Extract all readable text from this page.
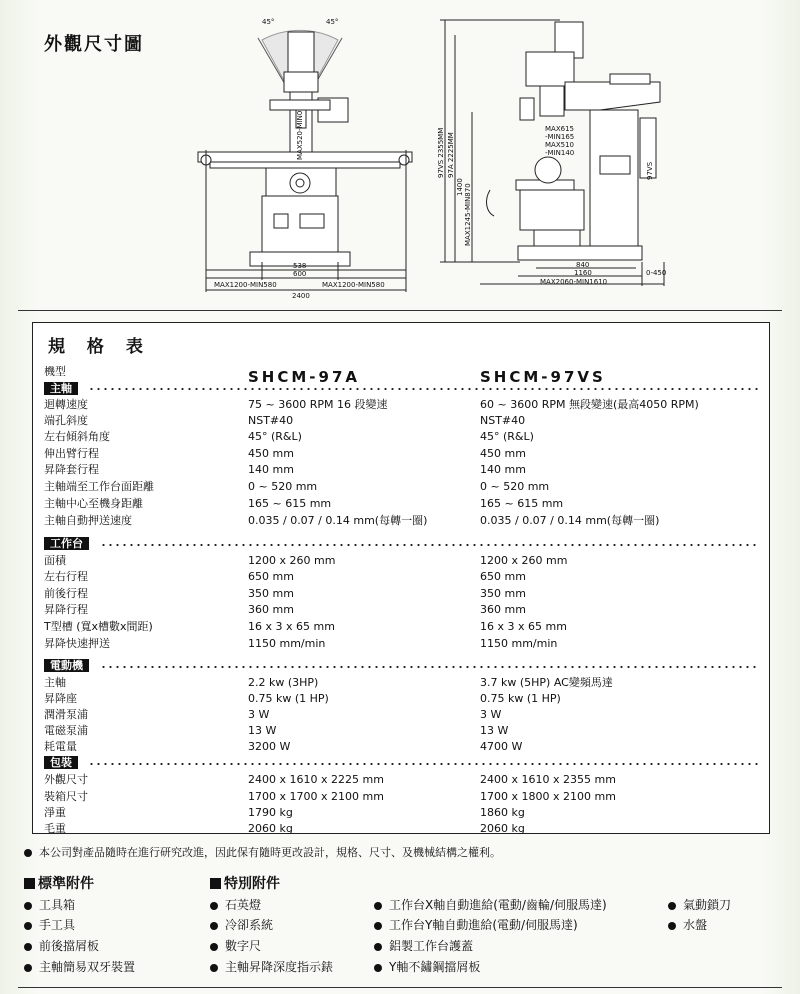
外觀尺寸圖
45°	45°
538
600
MAX1200-MIN580	MAX1200-MIN580
2400
MAX520-MIN0	97VS 2355MM 97A 2225MM
1400 MAX1245-MIN870
MAX615
-MIN165
MAX510
-MIN140
840
1160	0-450
MAX2060-MIN1610
97VS
規 格 表
機型	SHCM-97A	SHCM-97VS
主軸
迴轉速度	75 ~ 3600 RPM 16 段變速	60 ~ 3600 RPM 無段變速(最高4050 RPM)
端孔斜度	NST#40	NST#40
左右傾斜角度	45° (R&L)	45° (R&L)
伸出臂行程	450 mm	450 mm
昇降套行程	140 mm	140 mm
主軸端至工作台面距離	0 ~ 520 mm	0 ~ 520 mm
主軸中心至機身距離	165 ~ 615 mm	165 ~ 615 mm
主軸自動押送速度	0.035 / 0.07 / 0.14 mm(每轉一圈)	0.035 / 0.07 / 0.14 mm(每轉一圈)
工作台
面積	1200 x 260 mm	1200 x 260 mm
左右行程	650 mm	650 mm
前後行程	350 mm	350 mm
昇降行程	360 mm	360 mm
T型槽 (寬x槽數x間距)	16 x 3 x 65 mm	16 x 3 x 65 mm
昇降快速押送	1150 mm/min	1150 mm/min
電動機
主軸	2.2 kw (3HP)	3.7 kw (5HP) AC變頻馬達
昇降座	0.75 kw (1 HP)	0.75 kw (1 HP)
潤滑泵浦	3 W	3 W
電磁泵浦	13 W	13 W
耗電量	3200 W	4700 W
包裝
外觀尺寸	2400 x 1610 x 2225 mm	2400 x 1610 x 2355 mm
裝箱尺寸	1700 x 1700 x 2100 mm	1700 x 1800 x 2100 mm
淨重	1790 kg	1860 kg
毛重	2060 kg	2060 kg
本公司對產品隨時在進行研究改進，因此保有隨時更改設計，規格、尺寸、及機械結構之權利。
標準附件	特別附件
工具箱
手工具
前後擋屑板
主軸簡易双牙裝置
石英燈
冷卻系統
數字尺
主軸昇降深度指示錶
工作台X軸自動進給(電動/齒輪/伺服馬達)
工作台Y軸自動進給(電動/伺服馬達)
鋁製工作台護蓋
Y軸不鏽鋼擋屑板
氣動鎖刀
水盤
